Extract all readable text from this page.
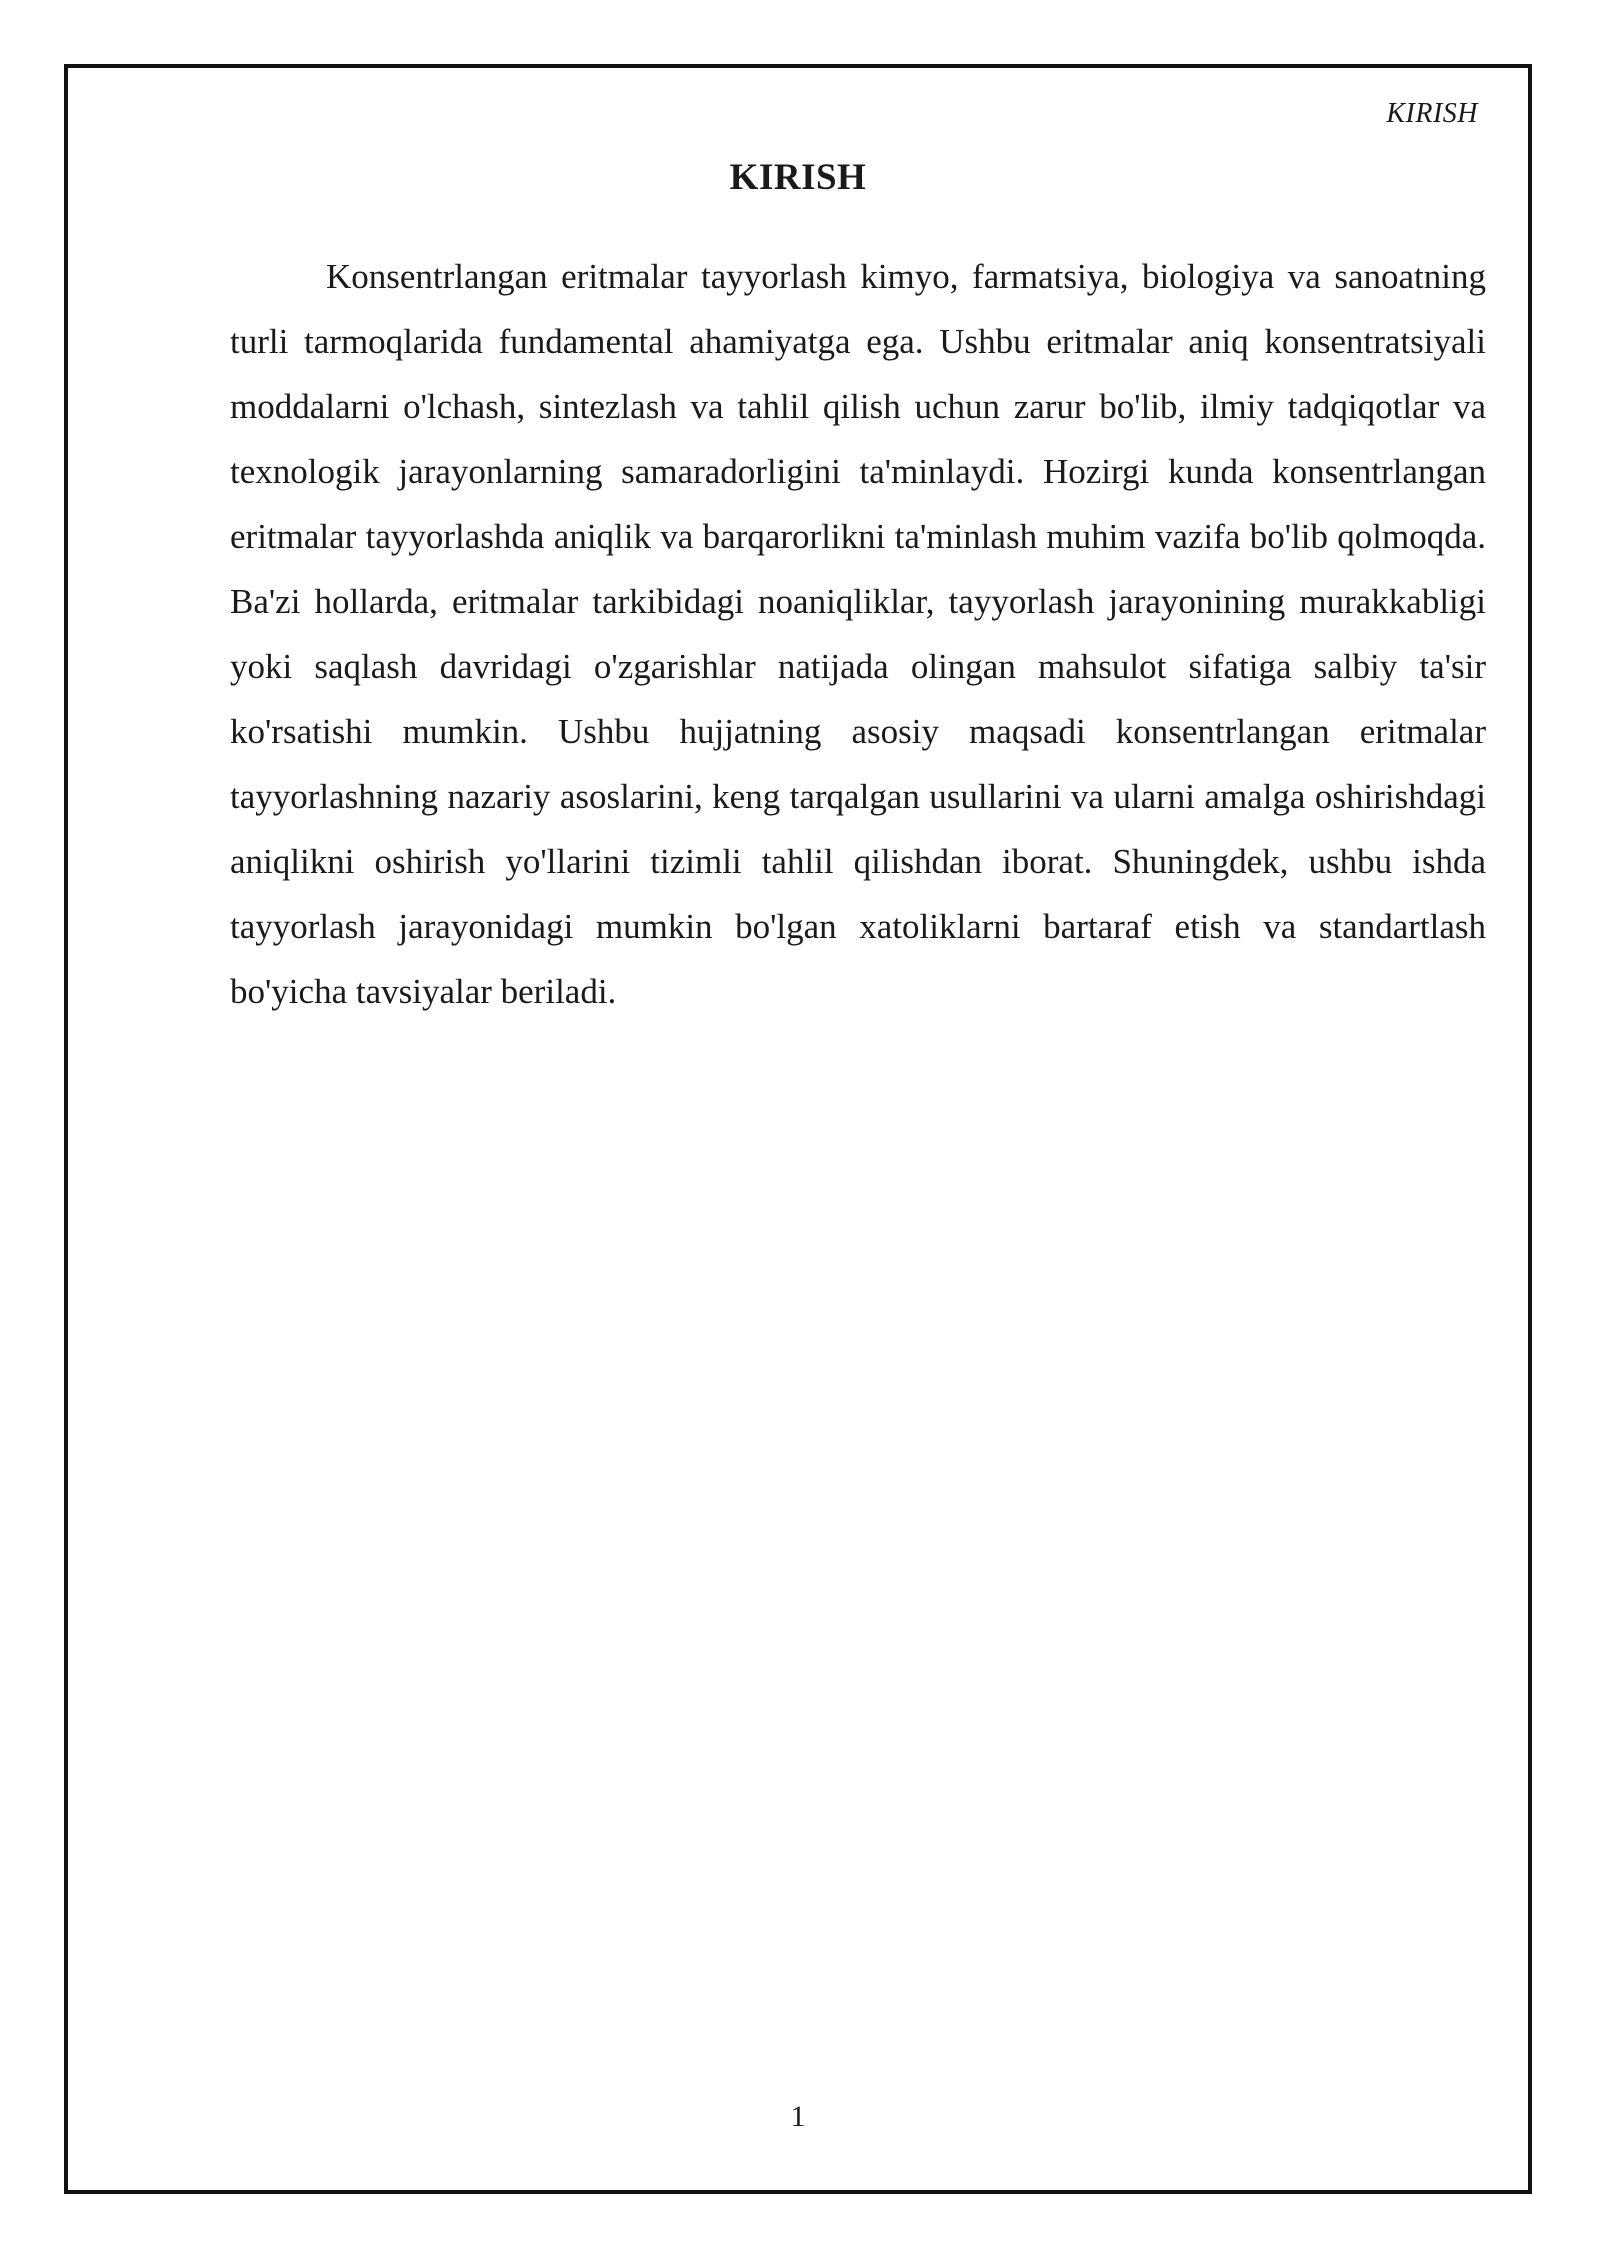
KIRISH
KIRISH

Konsentrlangan eritmalar tayyorlash kimyo, farmatsiya, biologiya va sanoatning turli tarmoqlarida fundamental ahamiyatga ega. Ushbu eritmalar aniq konsentratsiyali moddalarni o'lchash, sintezlash va tahlil qilish uchun zarur bo'lib, ilmiy tadqiqotlar va texnologik jarayonlarning samaradorligini ta'minlaydi. Hozirgi kunda konsentrlangan eritmalar tayyorlashda aniqlik va barqarorlikni ta'minlash muhim vazifa bo'lib qolmoqda. Ba'zi hollarda, eritmalar tarkibidagi noaniqliklar, tayyorlash jarayonining murakkabligi yoki saqlash davridagi o'zgarishlar natijada olingan mahsulot sifatiga salbiy ta'sir ko'rsatishi mumkin. Ushbu hujjatning asosiy maqsadi konsentrlangan eritmalar tayyorlashning nazariy asoslarini, keng tarqalgan usullarini va ularni amalga oshirishdagi aniqlikni oshirish yo'llarini tizimli tahlil qilishdan iborat. Shuningdek, ushbu ishda tayyorlash jarayonidagi mumkin bo'lgan xatoliklarni bartaraf etish va standartlash bo'yicha tavsiyalar beriladi.

1
